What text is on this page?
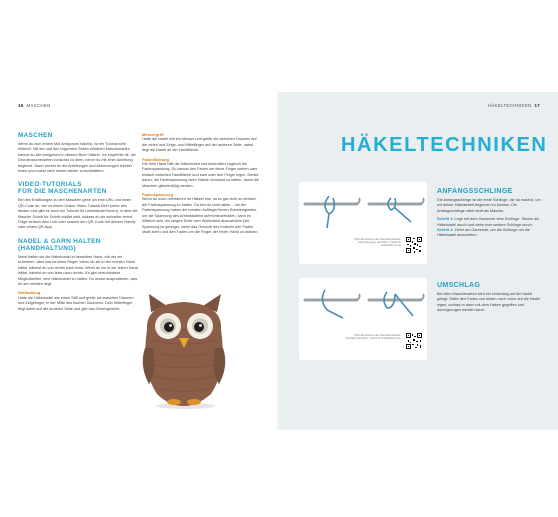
16 MASCHEN
MASCHEN

Wenn du zum ersten Mal Amigurumi häkelst, ist ein Tutorial sehr hilfreich. Mit den auf den folgenden Seiten erklärten Maschenarten kannst du alle Amigurumi in diesem Buch häkeln. Ich empfehle dir, die Grundmaschenarten zunächst zu üben, bevor du mit einer Anleitung beginnst. Dann kannst du die Anleitungen und Abkürzungen leichter lesen und musst nicht immer wieder zurückblättern.

VIDEO-TUTORIALS
FÜR DIE MASCHENARTEN

Bei den Erklärungen zu den Maschen gebe ich eine URL und einen QR-Code an, der zu einem Online-Video-Tutorial führt (unter den beiden Link gibt es auch ein Tutorial für Linkshänder*innen), in dem die Masche Schritt für Schritt erklärt wird, sodass du sie schneller lernst. Folge einfach dem Link oder scanne den QR-Code mit deinem Handy oder einem QR-App.

NADEL & GARN HALTEN
(HANDHALTUNG)

Meist halten wir die Häkelnadel in derselben Hand, mit der wir schreiben, aber das ist keine Regel. Wenn du sie in der rechten Hand hältst, häkelst du von rechts nach links. Wenn du sie in der linken Hand hältst, häkelst du von links nach rechts. Es gibt verschiedene Möglichkeiten, eine Häkelnadel zu halten. Du musst ausprobieren, was dir am meisten liegt.

Stifthaltung

Halte die Häkelnadel wie einen Stift und greife sie zwischen Daumen und Zeigefinger, in der Mitte des flachen Daumens. Dein Mittelfinger liegt dabei auf der anderen Seite und gibt das Gleichgewicht.

Messergriff

Halte die Nadel wie ein Messer und greife sie zwischen Daumen auf der einen und Zeige- und Mittelfinger auf der anderen Seite, dabei liegt die Nadel an der Handfläche.

Fadenführung

Die freie Hand hält die Häkelarbeit und kontrolliert zugleich die Fadenspannung. Du kannst den Faden um deine Finger weben oder einfach zwischen Handfläche und zwei oder drei Finger legen. Denke daran, die Fadenspannung beim Häkeln konstant zu halten, damit die Maschen gleichmäßig werden.

Fadenspannung

Wenn du noch unerfahren im Häkeln bist, ist es gar nicht so einfach, die Fadenspannung zu halten. Da bist du nicht allein – mit der Fadenspannung haben die meisten Anfänger*innen Schwierigkeiten, um die Spannung des Arbeitsfadens aufrechtzuerhalten, kann es hilfreich sein, ein langes Ende vom Wollknäuel abzuwickeln (die Spannung ist geringer, wenn das Gewicht des Knäuels den Faden straff zieht) und den Faden um die Finger der freien Hand zu wickeln.

HÄKELTECHNIKEN 17
HÄKELTECHNIKEN
QR-Code scannen oder www.stitch.show/at-luftmasche-legen Link öffnen. Tutorial für Linkshänder*innen
ANFANGSSCHLINGE

Die Anfangsschlinge ist die erste Schlinge, die du machst, um mit deiner Häkelarbeit beginnen zu können. Die Anfangsschlinge zählt nicht als Masche.

Schritt 1: Lege mit dem Garnende eine Schlinge. Stecke die Häkelnadel durch und ziehe eine weitere Schlinge durch.

Schritt 2: Ziehe am Garnende, um die Schlinge um die Häkelnadel anzuziehen.

QR-Code scannen oder www.stitch.show/at-umschlag Link öffnen. Tutorial für Linkshänder*innen
UMSCHLAG

Bei allen Maschenarten wird ein Umschlag auf die Nadel gelegt. Dafür den Faden von hinten nach vorne auf die Nadel legen, sodass er dann mit dem Haken gegriffen und durchgezogen werden kann.
